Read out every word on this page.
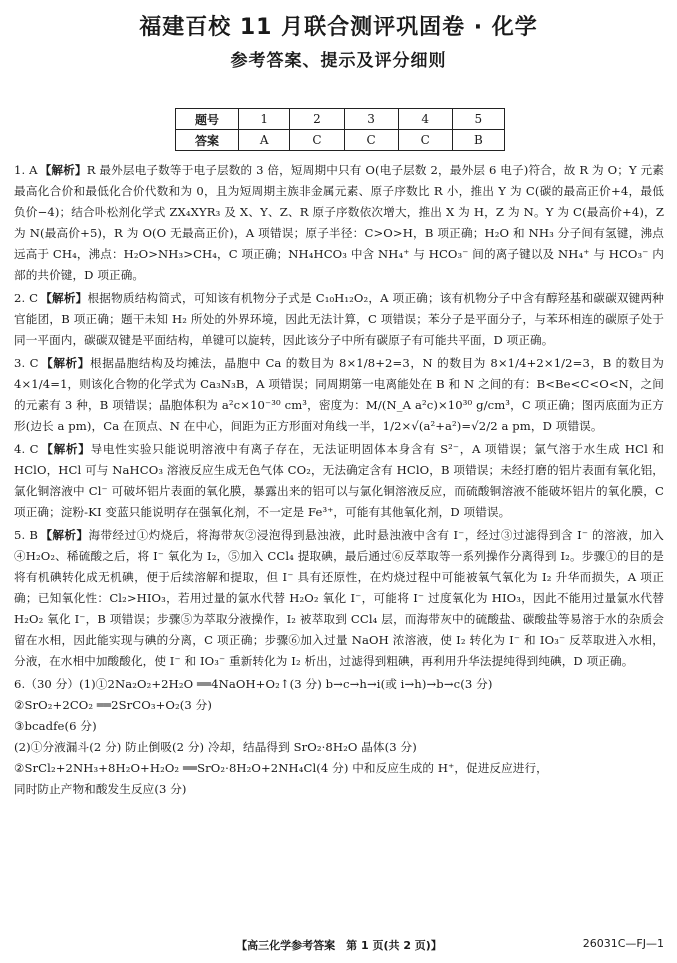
福建百校 11 月联合测评巩固卷 · 化学
参考答案、提示及评分细则
题号	1	2	3	4	5
答案	A	C	C	C	B
1. A 【解析】R 最外层电子数等于电子层数的 3 倍，短周期中只有 O(电子层数 2，最外层 6 电子)符合，故 R 为 O；Y 元素最高化合价和最低化合价代数和为 0，且为短周期主族非金属元素、原子序数比 R 小，推出 Y 为 C(碳的最高正价+4，最低负价−4)；结合卟松剂化学式 ZX₄XYR₃ 及 X、Y、Z、R 原子序数依次增大，推出 X 为 H，Z 为 N。Y 为 C(最高价+4)，Z 为 N(最高价+5)，R 为 O(O 无最高正价)，A 项错误；原子半径：C>O>H，B 项正确；H₂O 和 NH₃ 分子间有氢键，沸点远高于 CH₄，沸点：H₂O>NH₃>CH₄，C 项正确；NH₄HCO₃ 中含 NH₄⁺ 与 HCO₃⁻ 间的离子键以及 NH₄⁺ 与 HCO₃⁻ 内部的共价键，D 项正确。
2. C 【解析】根据物质结构简式，可知该有机物分子式是 C₁₀H₁₂O₂，A 项正确；该有机物分子中含有醇羟基和碳碳双键两种官能团，B 项正确；题干未知 H₂ 所处的外界环境，因此无法计算，C 项错误；苯分子是平面分子，与苯环相连的碳原子处于同一平面内，碳碳双键是平面结构，单键可以旋转，因此该分子中所有碳原子有可能共平面，D 项正确。
3. C 【解析】根据晶胞结构及均摊法，晶胞中 Ca 的数目为 8×1/8+2=3，N 的数目为 8×1/4+2×1/2=3，B 的数目为 4×1/4=1，则该化合物的化学式为 Ca₃N₃B，A 项错误；同周期第一电离能处在 B 和 N 之间的有：B<Be<C<O<N，之间的元素有 3 种，B 项错误；晶胞体积为 a²c×10⁻³⁰ cm³，密度为：M/(N_A a²c)×10³⁰ g/cm³，C 项正确；图丙底面为正方形(边长 a pm)，Ca 在顶点、N 在中心，间距为正方形面对角线一半，1/2×√(a²+a²)=√2/2 a pm，D 项错误。
4. C 【解析】导电性实验只能说明溶液中有离子存在，无法证明固体本身含有 S²⁻，A 项错误；氯气溶于水生成 HCl 和 HClO，HCl 可与 NaHCO₃ 溶液反应生成无色气体 CO₂，无法确定含有 HClO，B 项错误；未经打磨的铝片表面有氧化铝，氯化铜溶液中 Cl⁻ 可破坏铝片表面的氧化膜，暴露出来的铝可以与氯化铜溶液反应，而硫酸铜溶液不能破坏铝片的氧化膜，C 项正确；淀粉-KI 变蓝只能说明存在强氧化剂，不一定是 Fe³⁺，可能有其他氧化剂，D 项错误。
5. B 【解析】海带经过①灼烧后，将海带灰②浸泡得到悬浊液，此时悬浊液中含有 I⁻，经过③过滤得到含 I⁻ 的溶液，加入④H₂O₂、稀硫酸之后，将 I⁻ 氧化为 I₂，⑤加入 CCl₄ 提取碘，最后通过⑥反萃取等一系列操作分离得到 I₂。步骤①的目的是将有机碘转化成无机碘，便于后续溶解和提取，但 I⁻ 具有还原性，在灼烧过程中可能被氧气氧化为 I₂ 升华而损失，A 项正确；已知氧化性：Cl₂>HIO₃，若用过量的氯水代替 H₂O₂ 氧化 I⁻，可能将 I⁻ 过度氧化为 HIO₃，因此不能用过量氯水代替 H₂O₂ 氧化 I⁻，B 项错误；步骤⑤为萃取分液操作，I₂ 被萃取到 CCl₄ 层，而海带灰中的硫酸盐、碳酸盐等易溶于水的杂质会留在水相，因此能实现与碘的分离，C 项正确；步骤⑥加入过量 NaOH 浓溶液，使 I₂ 转化为 I⁻ 和 IO₃⁻ 反萃取进入水相，分液，在水相中加酸酸化，使 I⁻ 和 IO₃⁻ 重新转化为 I₂ 析出，过滤得到粗碘，再利用升华法提纯得到纯碘，D 项正确。
6.（30 分）(1)①2Na₂O₂+2H₂O ══4NaOH+O₂↑(3 分) b→c→h→i(或 i→h)→b→c(3 分)
②SrO₂+2CO₂ ══2SrCO₃+O₂(3 分)
③bcadfe(6 分)
(2)①分液漏斗(2 分) 防止倒吸(2 分) 冷却，结晶得到 SrO₂·8H₂O 晶体(3 分)
②SrCl₂+2NH₃+8H₂O+H₂O₂ ══SrO₂·8H₂O+2NH₄Cl(4 分) 中和反应生成的 H⁺，促进反应进行，
同时防止产物和酸发生反应(3 分)
【高三化学参考答案　第 1 页(共 2 页)】	26031C—FJ—1
